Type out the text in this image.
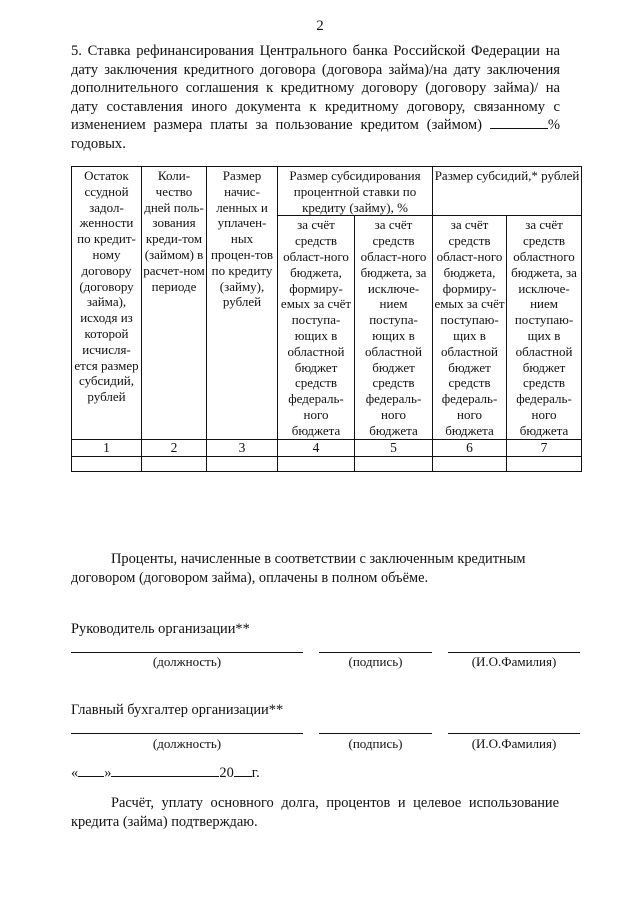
2
5. Ставка рефинансирования Центрального банка Российской Федерации на дату заключения кредитного договора (договора займа)/на дату заключения дополнительного соглашения к кредитному договору (договору займа)/ на дату составления иного документа к кредитному договору, связанному с изменением размера платы за пользование кредитом (займом)	% годовых.
Остаток ссудной задол-женности по кредит-ному договору (договору займа), исходя из которой исчисля-ется размер субсидий, рублей	Коли-чество дней поль-зования креди-том (займом) в расчет-ном периоде	Размер начис-ленных и уплачен-ных процен-тов по кредиту (займу), рублей	Размер субсидирования процентной ставки по кредиту (займу), %		Размер субсидий,* рублей	
			за счёт средств област-ного бюджета, формиру-емых за счёт поступа-ющих в областной бюджет средств федераль-ного бюджета	за счёт средств област-ного бюджета, за исключе-нием поступа-ющих в областной бюджет средств федераль-ного бюджета	за счёт средств област-ного бюджета, формиру-емых за счёт поступаю-щих в областной бюджет средств федераль-ного бюджета	за счёт средств областного бюджета, за исключе-нием поступаю-щих в областной бюджет средств федераль-ного бюджета
1	2	3	4	5	6	7

Проценты, начисленные в соответствии с заключенным кредитным договором (договором займа), оплачены в полном объёме.
Руководитель организации**
(должность)	(подпись)	(И.О.Фамилия)
Главный бухгалтер организации**
(должность)	(подпись)	(И.О.Фамилия)
« »	20 г.
Расчёт, уплату основного долга, процентов и целевое использование кредита (займа) подтверждаю.
